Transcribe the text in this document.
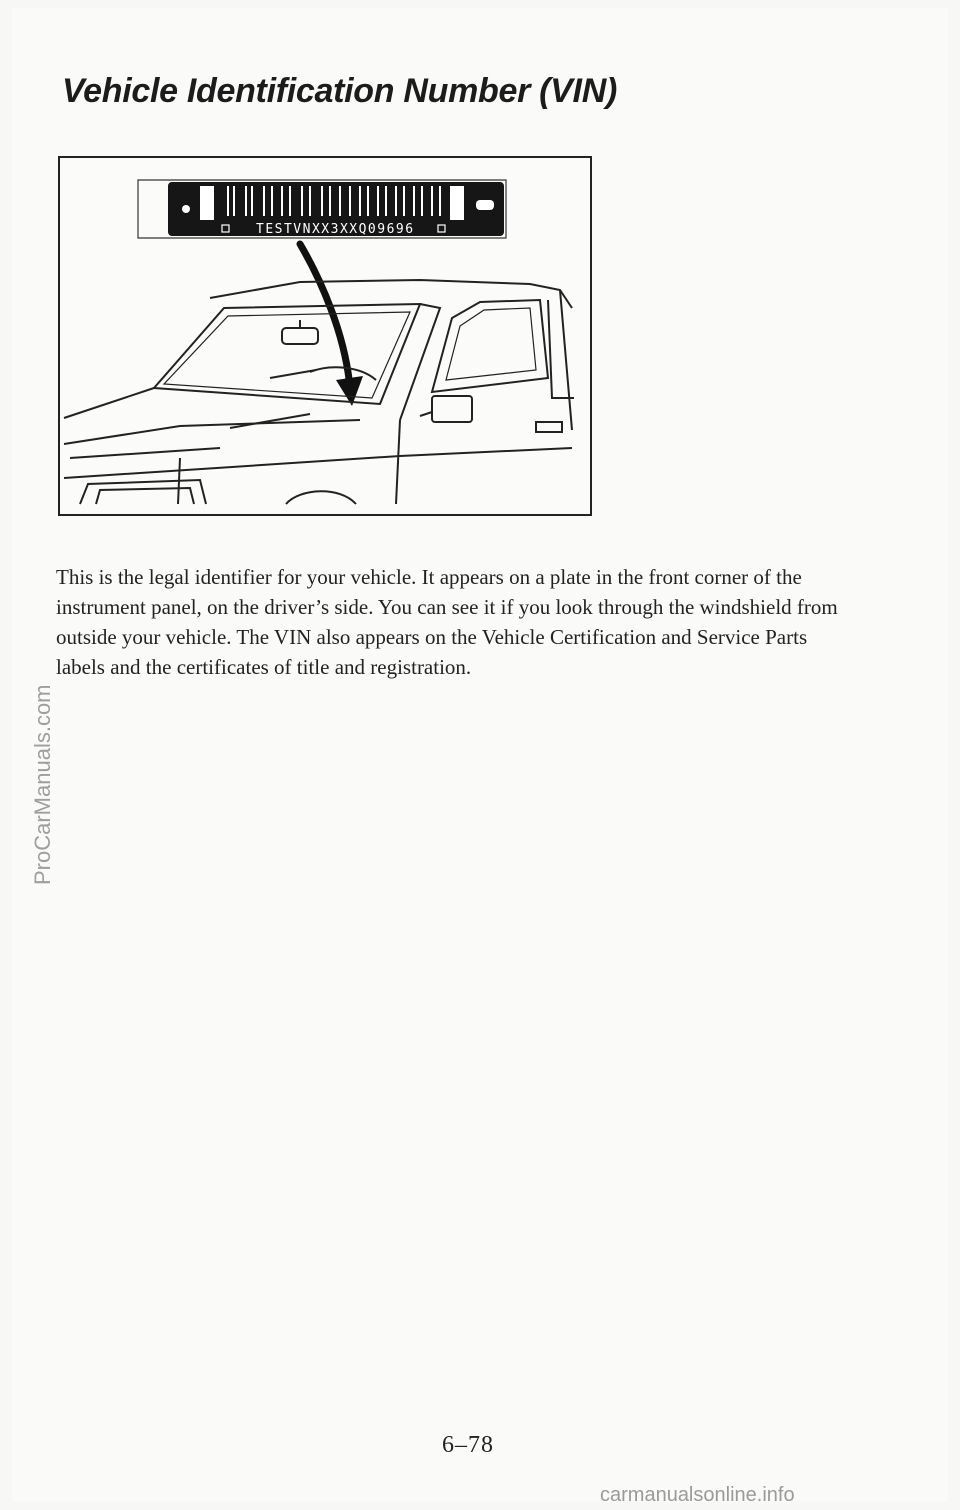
Vehicle Identification Number (VIN)
TESTVNXX3XXQ09696

This is the legal identifier for your vehicle. It appears on a plate in the front corner of the instrument panel, on the driver’s side. You can see it if you look through the windshield from outside your vehicle. The VIN also appears on the Vehicle Certification and Service Parts labels and the certificates of title and registration.

6–78
ProCarManuals.com
carmanualsonline.info
